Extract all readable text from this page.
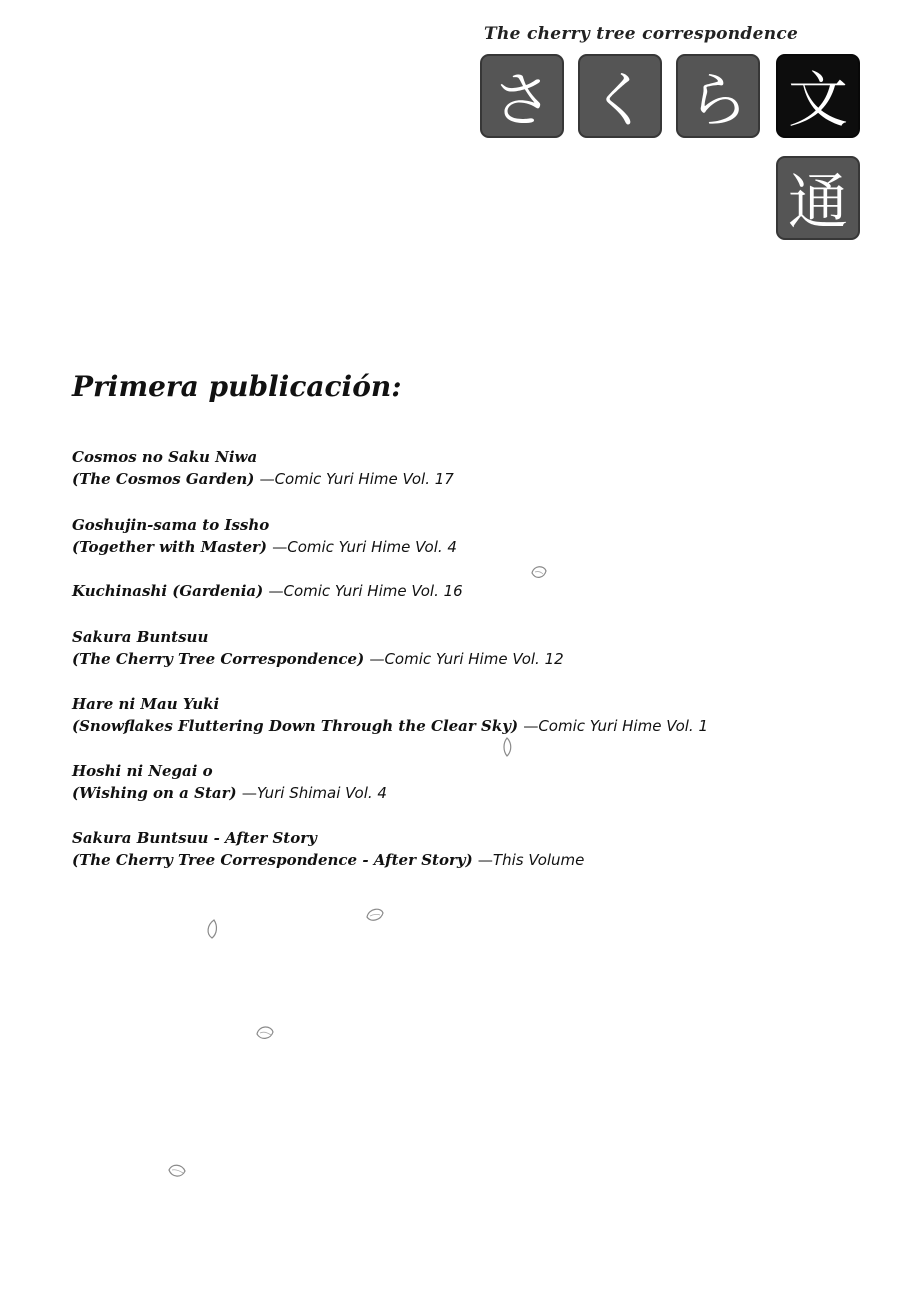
The cherry tree correspondence
さ く ら 文
通
Primera publicación:
Cosmos no Saku Niwa
(The Cosmos Garden) —Comic Yuri Hime Vol. 17
Goshujin-sama to Issho
(Together with Master) —Comic Yuri Hime Vol. 4
Kuchinashi (Gardenia) —Comic Yuri Hime Vol. 16
Sakura Buntsuu
(The Cherry Tree Correspondence) —Comic Yuri Hime Vol. 12
Hare ni Mau Yuki
(Snowflakes Fluttering Down Through the Clear Sky) —Comic Yuri Hime Vol. 1
Hoshi ni Negai o
(Wishing on a Star) —Yuri Shimai Vol. 4
Sakura Buntsuu - After Story
(The Cherry Tree Correspondence - After Story) —This Volume
